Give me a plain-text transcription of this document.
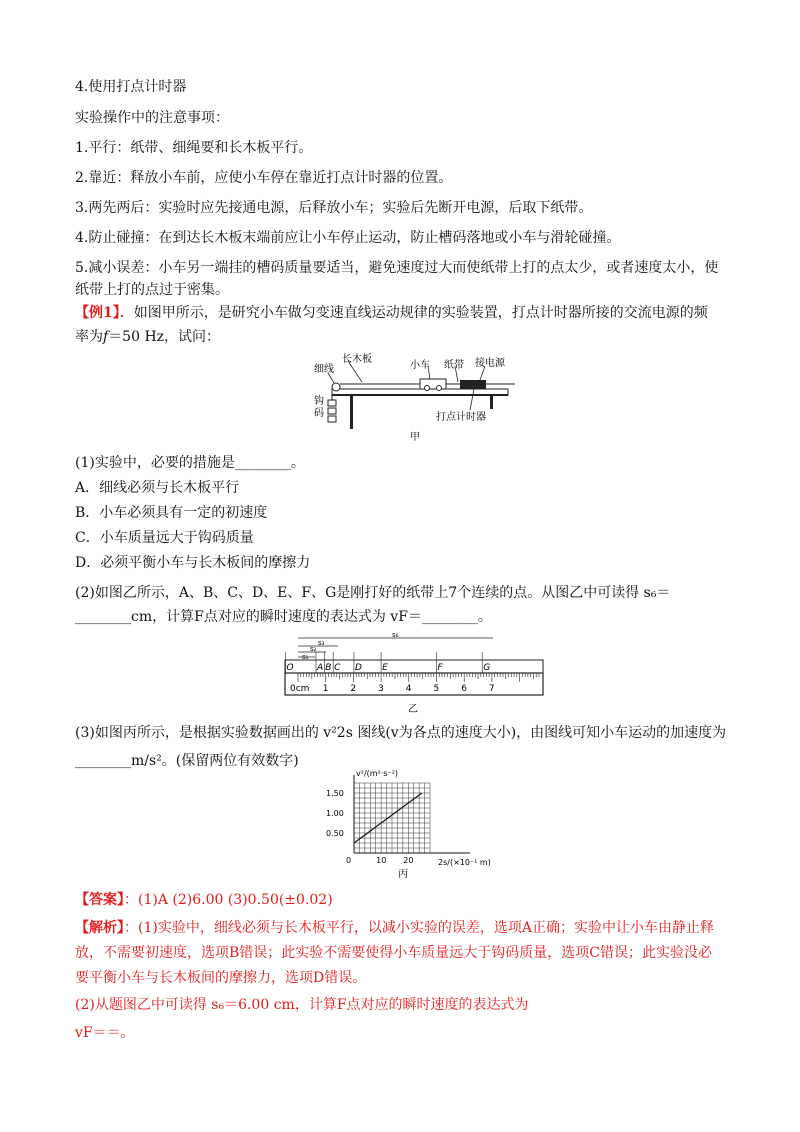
4.使用打点计时器
实验操作中的注意事项：
1.平行：纸带、细绳要和长木板平行。
2.靠近：释放小车前，应使小车停在靠近打点计时器的位置。
3.两先两后：实验时应先接通电源，后释放小车；实验后先断开电源，后取下纸带。
4.防止碰撞：在到达长木板末端前应让小车停止运动，防止槽码落地或小车与滑轮碰撞。
5.减小误差：小车另一端挂的槽码质量要适当，避免速度过大而使纸带上打的点太少，或者速度太小，使
纸带上打的点过于密集。
【例1】．如图甲所示，是研究小车做匀变速直线运动规律的实验装置，打点计时器所接的交流电源的频
率为f＝50 Hz，试问：
细线
长木板
小车 纸带 接电源
钩
码	打点计时器
甲
(1)实验中，必要的措施是________。
A．细线必须与长木板平行
B．小车必须具有一定的初速度
C．小车质量远大于钩码质量
D．必须平衡小车与长木板间的摩擦力
(2)如图乙所示，A、B、C、D、E、F、G是刚打好的纸带上7个连续的点。从图乙中可读得 s₆＝
________cm，计算F点对应的瞬时速度的表达式为 vF＝________。
s₆
s₃
s₂
s₁
0cm 1 2 3 4 5 6 7
O	A B C D E	F	G
乙
(3)如图丙所示，是根据实验数据画出的 v²2s 图线(v为各点的速度大小)，由图线可知小车运动的加速度为
________m/s²。(保留两位有效数字)
0	10 20
0.50
1.00
1.50
v²/(m²·s⁻²)
2s/(×10⁻¹ m)
丙
【答案】：(1)A (2)6.00 (3)0.50(±0.02)
【解析】：(1)实验中，细线必须与长木板平行，以减小实验的误差，选项A正确；实验中让小车由静止释
放，不需要初速度，选项B错误；此实验不需要使得小车质量远大于钩码质量，选项C错误；此实验没必
要平衡小车与长木板间的摩擦力，选项D错误。
(2)从题图乙中可读得 s₆＝6.00 cm，计算F点对应的瞬时速度的表达式为
vF＝＝。
